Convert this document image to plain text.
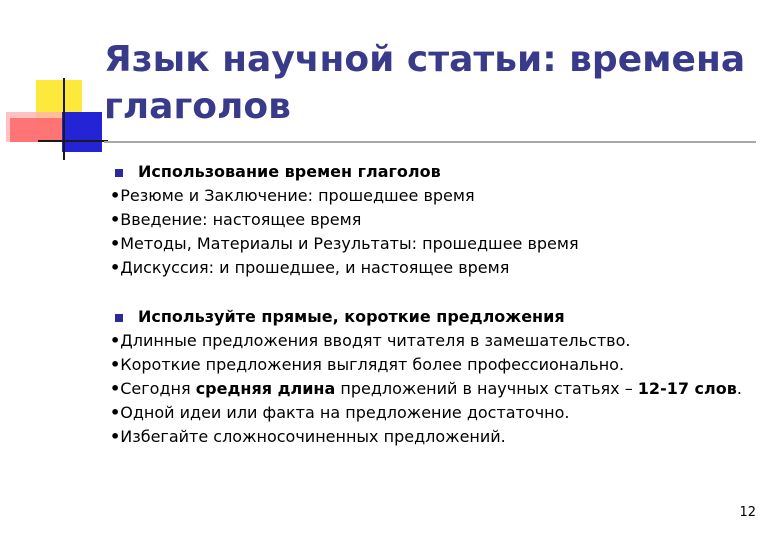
Язык научной статьи: времена глаголов
Использование времен глаголов
•Резюме и Заключение: прошедшее время
•Введение: настоящее время
•Методы, Материалы и Результаты: прошедшее время
•Дискуссия: и прошедшее, и настоящее время
Используйте прямые, короткие предложения
•Длинные предложения вводят читателя в замешательство.
•Короткие предложения выглядят более профессионально.
•Сегодня средняя длина предложений в научных статьях – 12-17 слов.
•Одной идеи или факта на предложение достаточно.
•Избегайте сложносочиненных предложений.
12
